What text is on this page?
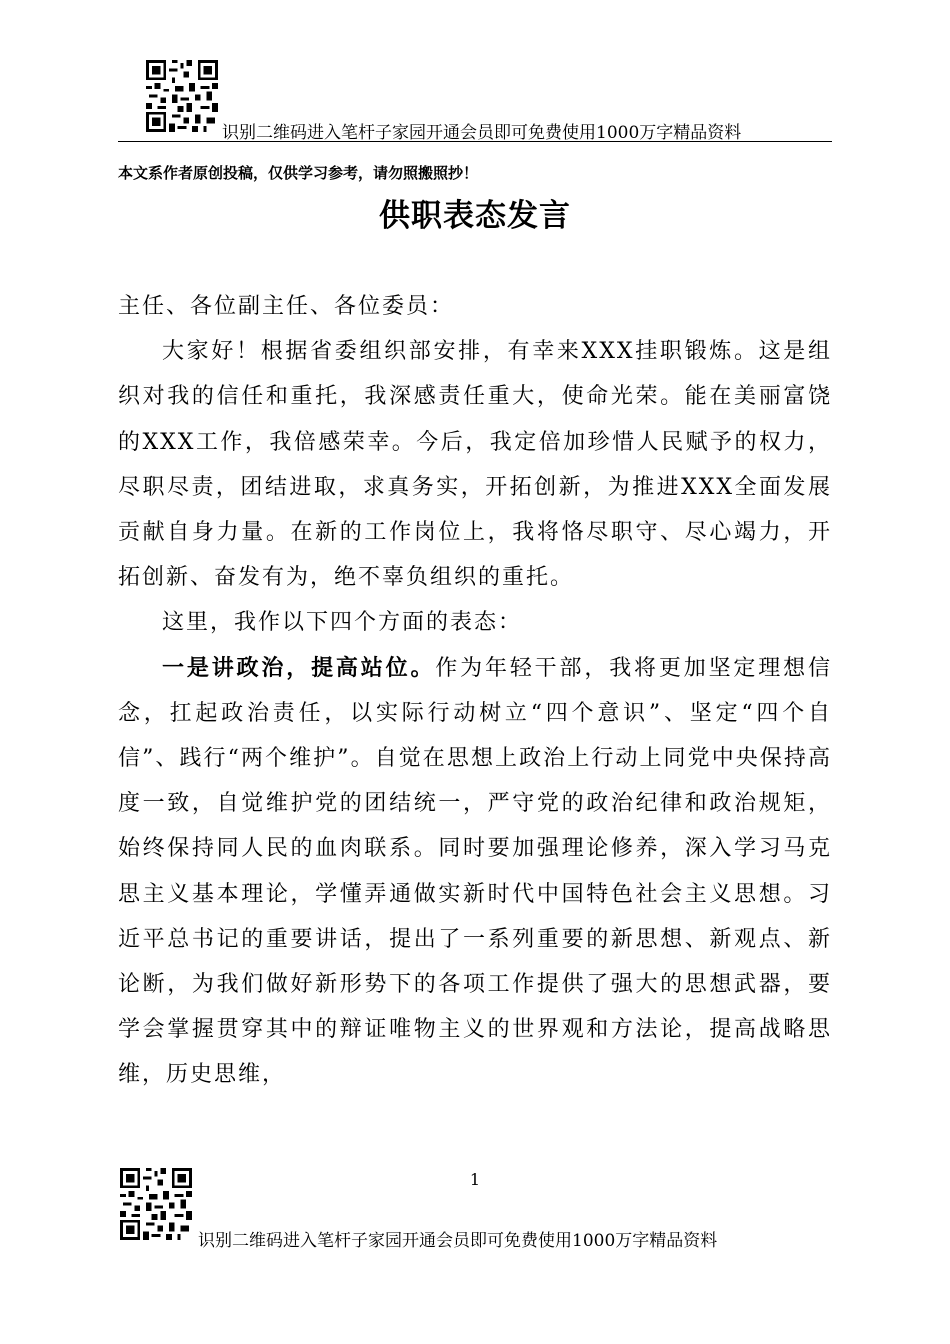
识别二维码进入笔杆子家园开通会员即可免费使用1000万字精品资料
本文系作者原创投稿，仅供学习参考，请勿照搬照抄！
供职表态发言

主任、各位副主任、各位委员：

大家好！根据省委组织部安排，有幸来XXX挂职锻炼。这是组织对我的信任和重托，我深感责任重大，使命光荣。能在美丽富饶的XXX工作，我倍感荣幸。今后，我定倍加珍惜人民赋予的权力，尽职尽责，团结进取，求真务实，开拓创新，为推进XXX全面发展贡献自身力量。在新的工作岗位上，我将恪尽职守、尽心竭力，开拓创新、奋发有为，绝不辜负组织的重托。

这里，我作以下四个方面的表态：

一是讲政治，提高站位。作为年轻干部，我将更加坚定理想信念，扛起政治责任，以实际行动树立“四个意识”、坚定“四个自信”、践行“两个维护”。自觉在思想上政治上行动上同党中央保持高度一致，自觉维护党的团结统一，严守党的政治纪律和政治规矩，始终保持同人民的血肉联系。同时要加强理论修养，深入学习马克思主义基本理论，学懂弄通做实新时代中国特色社会主义思想。习近平总书记的重要讲话，提出了一系列重要的新思想、新观点、新论断，为我们做好新形势下的各项工作提供了强大的思想武器，要学会掌握贯穿其中的辩证唯物主义的世界观和方法论，提高战略思维，历史思维，

1
识别二维码进入笔杆子家园开通会员即可免费使用1000万字精品资料
